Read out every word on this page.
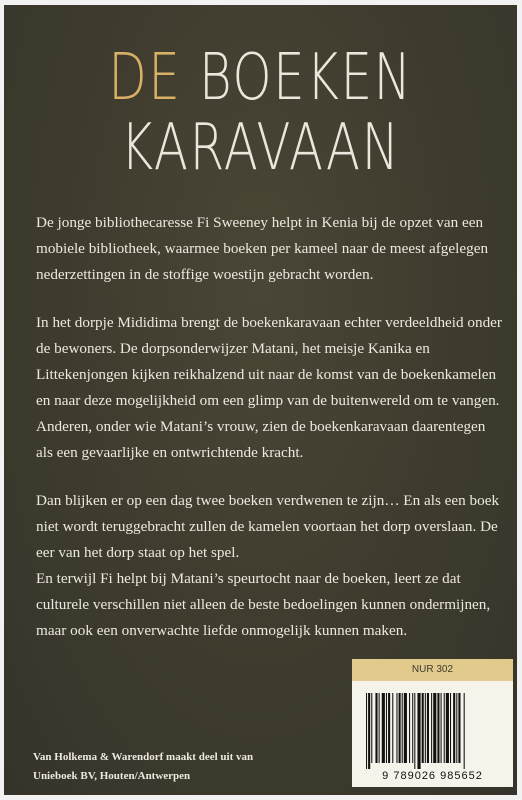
DE BOEKEN
KARAVAAN

De jonge bibliothecaresse Fi Sweeney helpt in Kenia bij de opzet van een mobiele bibliotheek, waarmee boeken per kameel naar de meest afgelegen nederzettingen in de stoffige woestijn gebracht worden.

In het dorpje Mididima brengt de boekenkaravaan echter verdeeldheid onder de bewoners. De dorpsonderwijzer Matani, het meisje Kanika en Littekenjongen kijken reikhalzend uit naar de komst van de boekenkamelen en naar deze mogelijkheid om een glimp van de buitenwereld om te vangen. Anderen, onder wie Matani’s vrouw, zien de boekenkaravaan daarentegen als een gevaarlijke en ontwrichtende kracht.

Dan blijken er op een dag twee boeken verdwenen te zijn… En als een boek niet wordt teruggebracht zullen de kamelen voortaan het dorp overslaan. De eer van het dorp staat op het spel.

En terwijl Fi helpt bij Matani’s speurtocht naar de boeken, leert ze dat culturele verschillen niet alleen de beste bedoelingen kunnen ondermijnen, maar ook een onverwachte liefde onmogelijk kunnen maken.

Van Holkema & Warendorf maakt deel uit van
Unieboek BV, Houten/Antwerpen
NUR 302
9 789026 985652
